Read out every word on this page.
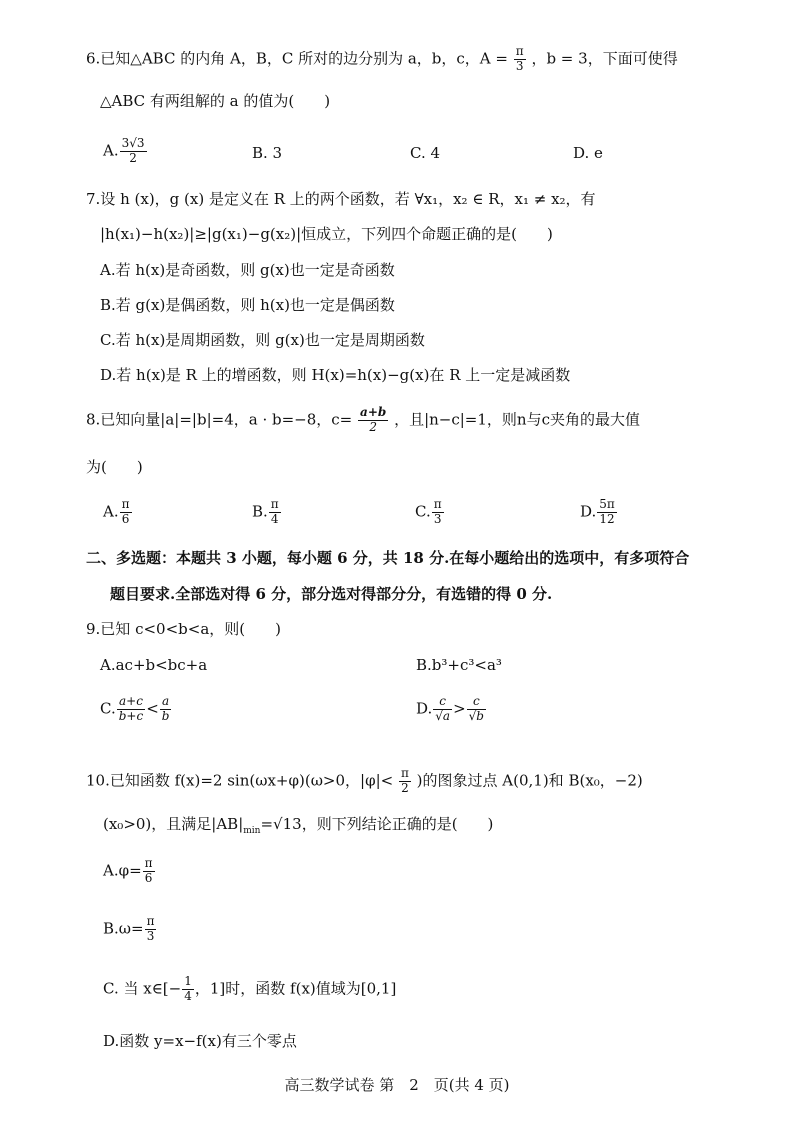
6.已知△ABC 的内角 A，B，C 所对的边分别为 a，b，c，$A = \frac{\pi}{3}$ ，b = 3，下面可使得
△ABC 有两组解的 a 的值为(　　)
A. $\frac{3√3}{2}$	B. 3	C. 4	D. e
7.设 h (x)，g (x) 是定义在 R 上的两个函数，若 ∀x₁，x₂ ∈ R，x₁ ≠ x₂，有
|h(x₁)−h(x₂)|≥|g(x₁)−g(x₂)|恒成立，下列四个命题正确的是(　　)
A.若 h(x)是奇函数，则 g(x)也一定是奇函数
B.若 g(x)是偶函数，则 h(x)也一定是偶函数
C.若 h(x)是周期函数，则 g(x)也一定是周期函数
D.若 h(x)是 R 上的增函数，则 H(x)=h(x)−g(x)在 R 上一定是减函数
8.已知向量|a|=|b|=4，a · b=−8，$c= \frac{a+b}{2}$ ，且|n−c|=1，则n与c夹角的最大值
为(　　)
A. $\frac{\pi}{6}$	B. $\frac{\pi}{4}$	C. $\frac{\pi}{3}$	D. $\frac{5\pi}{12}$
二、多选题：本题共 3 小题，每小题 6 分，共 18 分.在每小题给出的选项中，有多项符合
题目要求.全部选对得 6 分，部分选对得部分分，有选错的得 0 分.
9.已知 c<0<b<a，则(　　)
A.ac+b<bc+a	B.b³+c³<a³
C. $\frac{a+c}{b+c} < \frac{a}{b}$	D. $\frac{c}{√a} > \frac{c}{√b}$
10.已知函数 f(x)=2 sin(ωx+φ)(ω>0，$|\varphi|< \frac{\pi}{2}$ )的图象过点 A(0,1)和 B(x₀，−2)
(x₀>0)，且满足$|AB|_{min}=√13$，则下列结论正确的是(　　)
$A.\varphi= \frac{\pi}{6}$
$B.\omega= \frac{\pi}{3}$
C. 当 x∈[− $\frac{1}{4}$ ，1]时，函数 f(x)值域为[0,1]
D.函数 y=x−f(x)有三个零点
高三数学试卷 第　2　页(共 4 页)
